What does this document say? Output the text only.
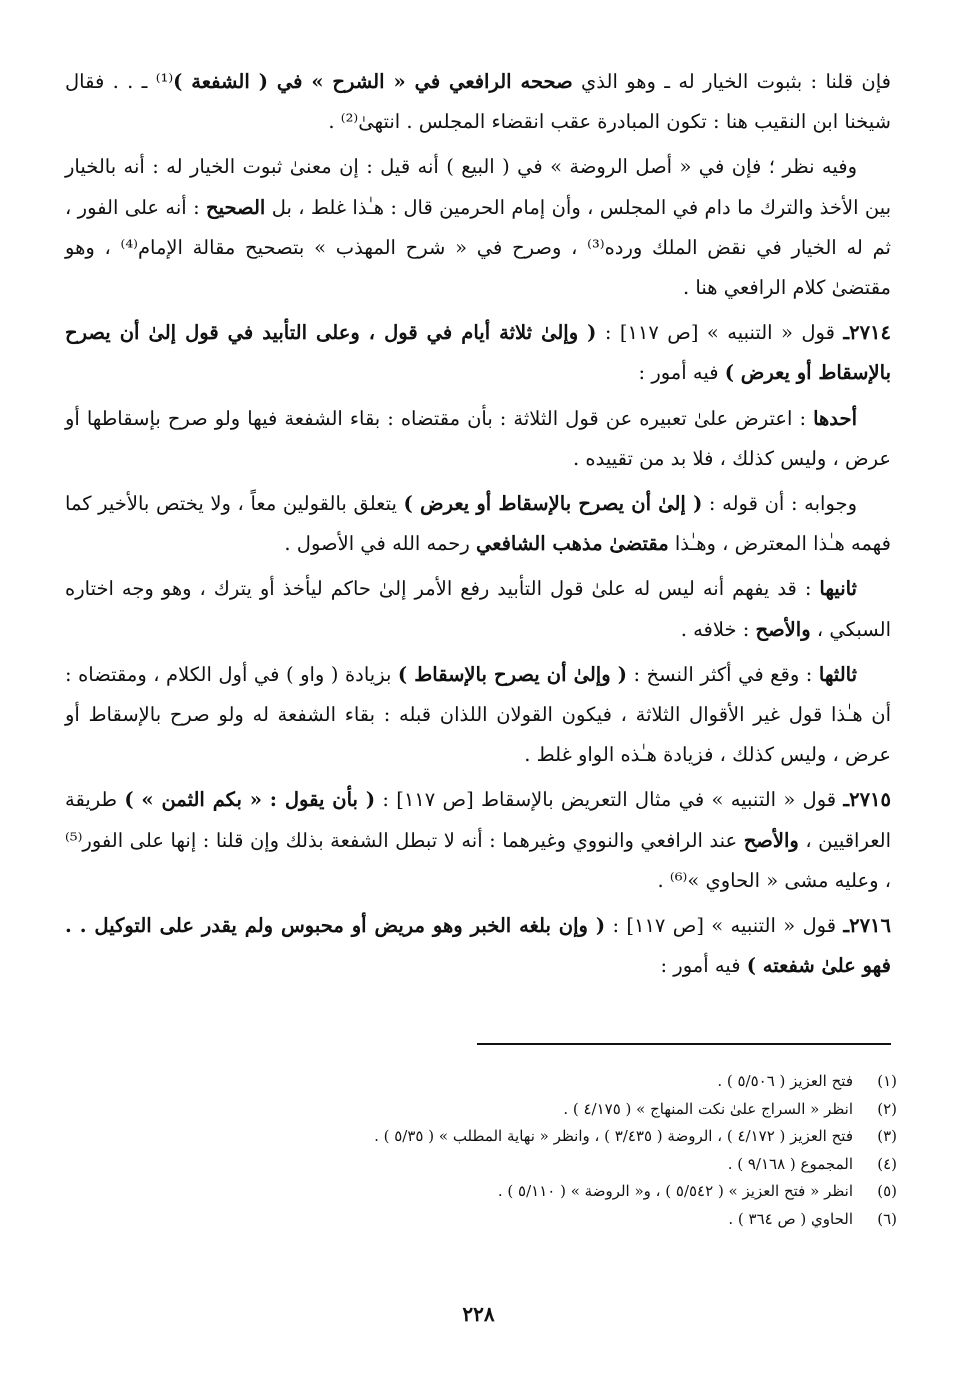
فإن قلنا : بثبوت الخيار له ـ وهو الذي صححه الرافعي في « الشرح » في ( الشفعة )⁽¹⁾ ـ . . فقال شيخنا ابن النقيب هنا : تكون المبادرة عقب انقضاء المجلس . انتهىٰ⁽²⁾ .

وفيه نظر ؛ فإن في « أصل الروضة » في ( البيع ) أنه قيل : إن معنىٰ ثبوت الخيار له : أنه بالخيار بين الأخذ والترك ما دام في المجلس ، وأن إمام الحرمين قال : هـٰذا غلط ، بل الصحيح : أنه على الفور ، ثم له الخيار في نقض الملك ورده⁽³⁾ ، وصرح في « شرح المهذب » بتصحيح مقالة الإمام⁽⁴⁾ ، وهو مقتضىٰ كلام الرافعي هنا .

٢٧١٤ـ قول « التنبيه » [ص ١١٧] : ( وإلىٰ ثلاثة أيام في قول ، وعلى التأبيد في قول إلىٰ أن يصرح بالإسقاط أو يعرض ) فيه أمور :

أحدها : اعترض علىٰ تعبيره عن قول الثلاثة : بأن مقتضاه : بقاء الشفعة فيها ولو صرح بإسقاطها أو عرض ، وليس كذلك ، فلا بد من تقييده .

وجوابه : أن قوله : ( إلىٰ أن يصرح بالإسقاط أو يعرض ) يتعلق بالقولين معاً ، ولا يختص بالأخير كما فهمه هـٰذا المعترض ، وهـٰذا مقتضىٰ مذهب الشافعي رحمه الله في الأصول .

ثانيها : قد يفهم أنه ليس له علىٰ قول التأبيد رفع الأمر إلىٰ حاكم ليأخذ أو يترك ، وهو وجه اختاره السبكي ، والأصح : خلافه .

ثالثها : وقع في أكثر النسخ : ( وإلىٰ أن يصرح بالإسقاط ) بزيادة ( واو ) في أول الكلام ، ومقتضاه : أن هـٰذا قول غير الأقوال الثلاثة ، فيكون القولان اللذان قبله : بقاء الشفعة له ولو صرح بالإسقاط أو عرض ، وليس كذلك ، فزيادة هـٰذه الواو غلط .

٢٧١٥ـ قول « التنبيه » في مثال التعريض بالإسقاط [ص ١١٧] : ( بأن يقول : « بكم الثمن » ) طريقة العراقيين ، والأصح عند الرافعي والنووي وغيرهما : أنه لا تبطل الشفعة بذلك وإن قلنا : إنها على الفور⁽⁵⁾ ، وعليه مشى « الحاوي »⁽⁶⁾ .

٢٧١٦ـ قول « التنبيه » [ص ١١٧] : ( وإن بلغه الخبر وهو مريض أو محبوس ولم يقدر على التوكيل . . فهو علىٰ شفعته ) فيه أمور :

(١)
فتح العزيز ( ٥/٥٠٦ ) .
(٢)
انظر « السراج علىٰ نكت المنهاج » ( ٤/١٧٥ ) .
(٣)
فتح العزيز ( ٤/١٧٢ ) ، الروضة ( ٣/٤٣٥ ) ، وانظر « نهاية المطلب » ( ٥/٣٥ ) .
(٤)
المجموع ( ٩/١٦٨ ) .
(٥)
انظر « فتح العزيز » ( ٥/٥٤٢ ) ، و« الروضة » ( ٥/١١٠ ) .
(٦)
الحاوي ( ص ٣٦٤ ) .
٢٢٨
